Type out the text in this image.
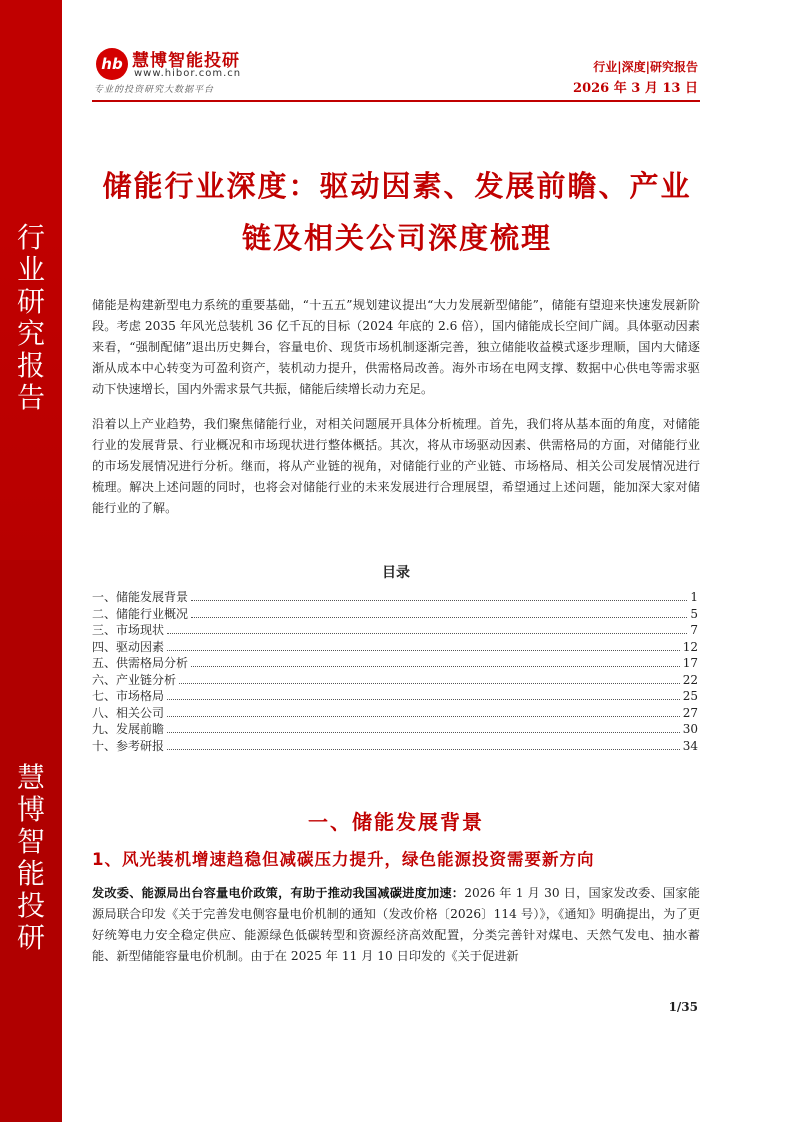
行
业
研
究
报
告
慧
博
智
能
投
研
hb 慧博智能投研
www.hibor.com.cn
专业的投资研究大数据平台
行业|深度|研究报告
2026 年 3 月 13 日
储能行业深度：驱动因素、发展前瞻、产业
链及相关公司深度梳理
储能是构建新型电力系统的重要基础，“十五五”规划建议提出“大力发展新型储能”，储能有望迎来快速发展新阶段。考虑 2035 年风光总装机 36 亿千瓦的目标（2024 年底的 2.6 倍），国内储能成长空间广阔。具体驱动因素来看，“强制配储”退出历史舞台，容量电价、现货市场机制逐渐完善，独立储能收益模式逐步理顺，国内大储逐渐从成本中心转变为可盈利资产，装机动力提升，供需格局改善。海外市场在电网支撑、数据中心供电等需求驱动下快速增长，国内外需求景气共振，储能后续增长动力充足。
沿着以上产业趋势，我们聚焦储能行业，对相关问题展开具体分析梳理。首先，我们将从基本面的角度，对储能行业的发展背景、行业概况和市场现状进行整体概括。其次，将从市场驱动因素、供需格局的方面，对储能行业的市场发展情况进行分析。继而，将从产业链的视角，对储能行业的产业链、市场格局、相关公司发展情况进行梳理。解决上述问题的同时，也将会对储能行业的未来发展进行合理展望，希望通过上述问题，能加深大家对储能行业的了解。
目录
一、储能发展背景	1
二、储能行业概况	5
三、市场现状	7
四、驱动因素	12
五、供需格局分析	17
六、产业链分析	22
七、市场格局	25
八、相关公司	27
九、发展前瞻	30
十、参考研报	34
一、储能发展背景
1、风光装机增速趋稳但减碳压力提升，绿色能源投资需要新方向
发改委、能源局出台容量电价政策，有助于推动我国减碳进度加速：2026 年 1 月 30 日，国家发改委、国家能源局联合印发《关于完善发电侧容量电价机制的通知（发改价格〔2026〕114 号）》，《通知》明确提出，为了更好统筹电力安全稳定供应、能源绿色低碳转型和资源经济高效配置，分类完善针对煤电、天然气发电、抽水蓄能、新型储能容量电价机制。由于在 2025 年 11 月 10 日印发的《关于促进新
1/35
